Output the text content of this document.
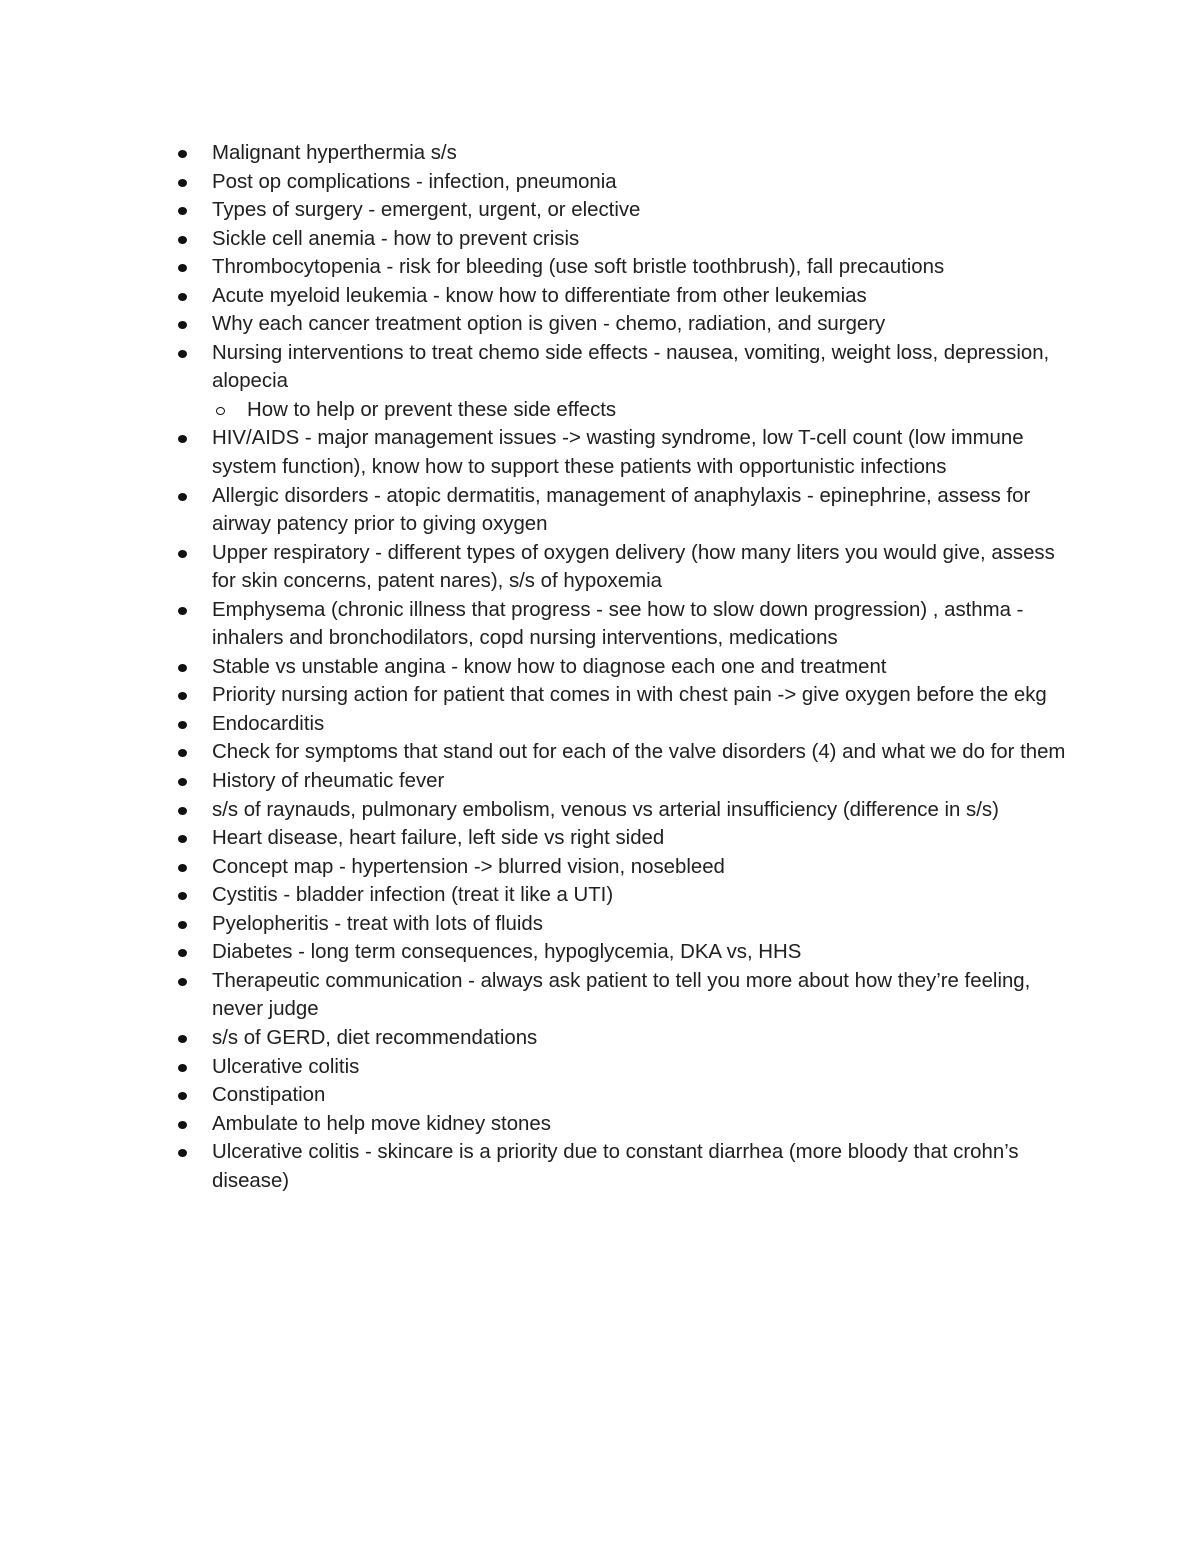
Malignant hyperthermia s/s
Post op complications - infection, pneumonia
Types of surgery - emergent, urgent, or elective
Sickle cell anemia - how to prevent crisis
Thrombocytopenia - risk for bleeding (use soft bristle toothbrush), fall precautions
Acute myeloid leukemia - know how to differentiate from other leukemias
Why each cancer treatment option is given - chemo, radiation, and surgery
Nursing interventions to treat chemo side effects - nausea, vomiting, weight loss, depression, alopecia
How to help or prevent these side effects
HIV/AIDS - major management issues -> wasting syndrome, low T-cell count (low immune system function), know how to support these patients with opportunistic infections
Allergic disorders - atopic dermatitis, management of anaphylaxis - epinephrine, assess for airway patency prior to giving oxygen
Upper respiratory - different types of oxygen delivery (how many liters you would give, assess for skin concerns, patent nares), s/s of hypoxemia
Emphysema (chronic illness that progress - see how to slow down progression) , asthma - inhalers and bronchodilators, copd nursing interventions, medications
Stable vs unstable angina - know how to diagnose each one and treatment
Priority nursing action for patient that comes in with chest pain -> give oxygen before the ekg
Endocarditis
Check for symptoms that stand out for each of the valve disorders (4) and what we do for them
History of rheumatic fever
s/s of raynauds, pulmonary embolism, venous vs arterial insufficiency (difference in s/s)
Heart disease, heart failure, left side vs right sided
Concept map - hypertension -> blurred vision, nosebleed
Cystitis - bladder infection (treat it like a UTI)
Pyelopheritis - treat with lots of fluids
Diabetes - long term consequences, hypoglycemia, DKA vs, HHS
Therapeutic communication - always ask patient to tell you more about how they’re feeling, never judge
s/s of GERD, diet recommendations
Ulcerative colitis
Constipation
Ambulate to help move kidney stones
Ulcerative colitis - skincare is a priority due to constant diarrhea (more bloody that crohn’s disease)
